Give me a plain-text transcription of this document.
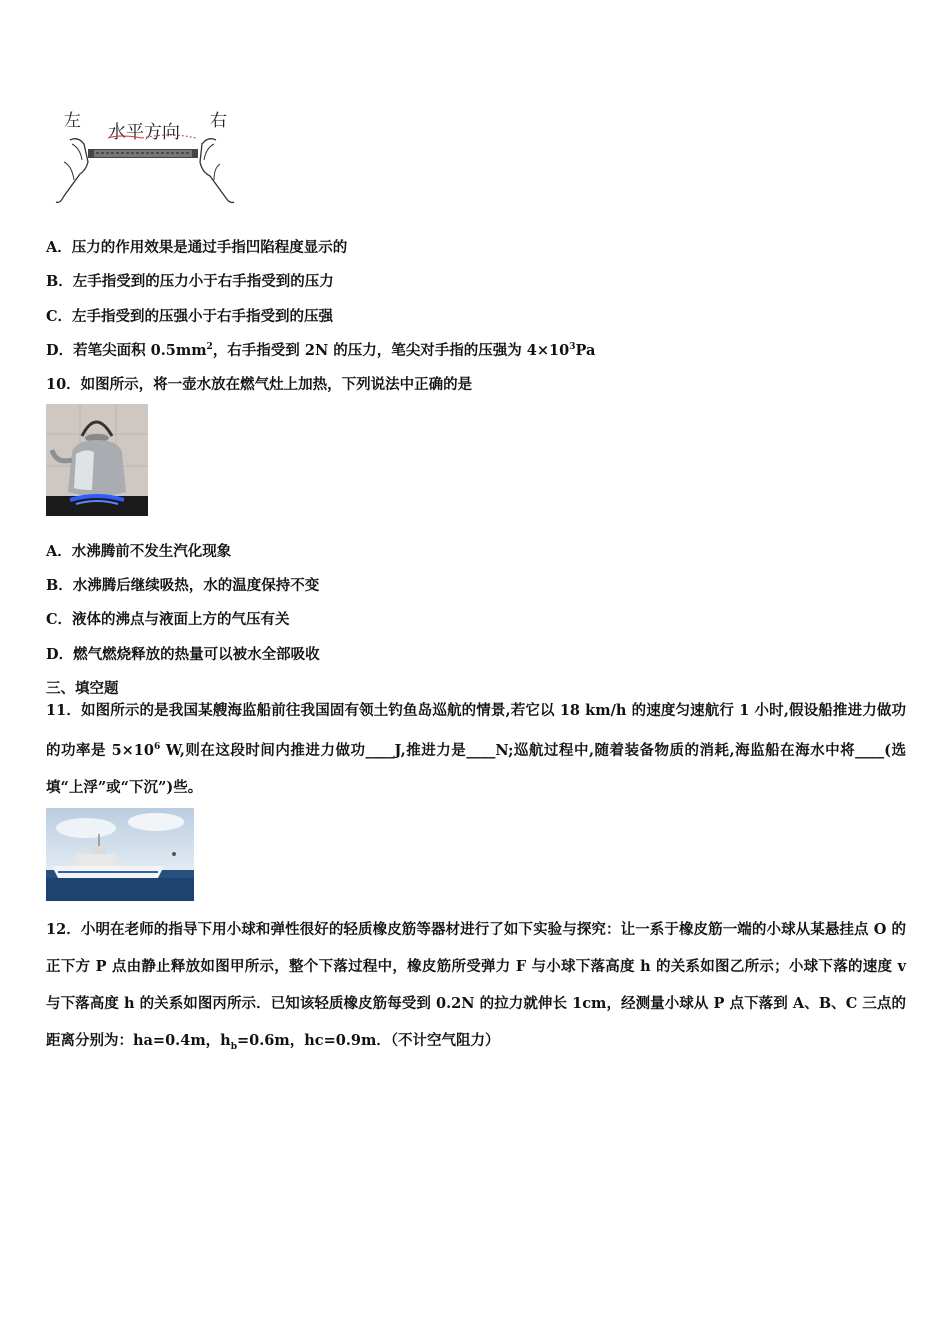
左	右
水平方向
A．压力的作用效果是通过手指凹陷程度显示的
B．左手指受到的压力小于右手指受到的压力
C．左手指受到的压强小于右手指受到的压强
D．若笔尖面积 $0.5mm^2$，右手指受到 2N 的压力，笔尖对手指的压强为 $4\times 10^3Pa$
10．如图所示，将一壶水放在燃气灶上加热，下列说法中正确的是
A．水沸腾前不发生汽化现象
B．水沸腾后继续吸热，水的温度保持不变
C．液体的沸点与液面上方的气压有关
D．燃气燃烧释放的热量可以被水全部吸收
三、填空题
11．如图所示的是我国某艘海监船前往我国固有领土钓鱼岛巡航的情景,若它以 18 km/h 的速度匀速航行 1 小时,假设船推进力做功的功率是 $5\times 10^6$ W,则在这段时间内推进力做功____J,推进力是____N;巡航过程中,随着装备物质的消耗,海监船在海水中将____(选填“上浮”或“下沉”)些。
12．小明在老师的指导下用小球和弹性很好的轻质橡皮筋等器材进行了如下实验与探究：让一系于橡皮筋一端的小球从某悬挂点 O 的正下方 P 点由静止释放如图甲所示，整个下落过程中，橡皮筋所受弹力 F 与小球下落高度 h 的关系如图乙所示；小球下落的速度 v 与下落高度 h 的关系如图丙所示．已知该轻质橡皮筋每受到 0.2N 的拉力就伸长 1cm，经测量小球从 P 点下落到 A、B、C 三点的距离分别为：ha=0.4m，$h_b=0.6m$，hc=0.9m．（不计空气阻力）
